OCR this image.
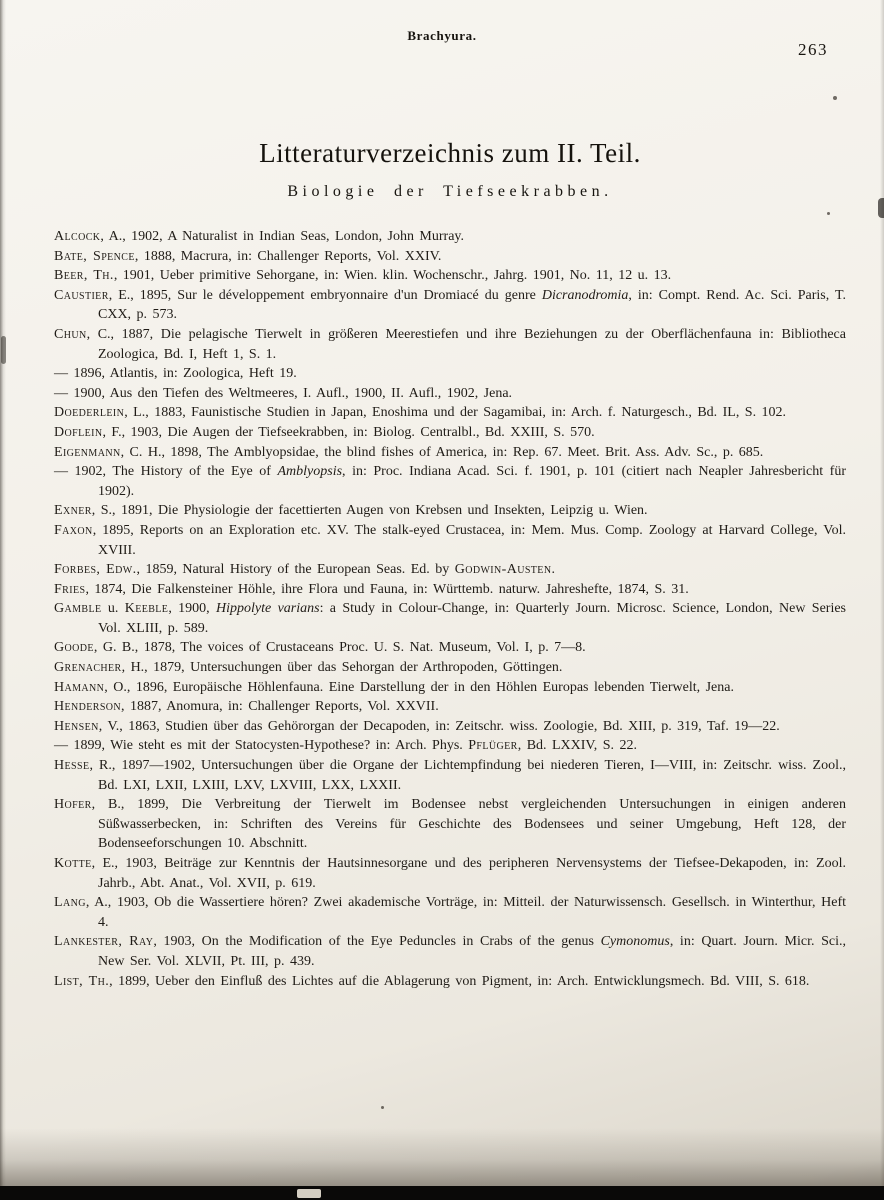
Brachyura.
263
Litteraturverzeichnis zum II. Teil.
Biologie der Tiefseekrabben.

Alcock, A., 1902, A Naturalist in Indian Seas, London, John Murray.

Bate, Spence, 1888, Macrura, in: Challenger Reports, Vol. XXIV.

Beer, Th., 1901, Ueber primitive Sehorgane, in: Wien. klin. Wochenschr., Jahrg. 1901, No. 11, 12 u. 13.

Caustier, E., 1895, Sur le développement embryonnaire d'un Dromiacé du genre Dicranodromia, in: Compt. Rend. Ac. Sci. Paris, T. CXX, p. 573.

Chun, C., 1887, Die pelagische Tierwelt in größeren Meerestiefen und ihre Beziehungen zu der Oberflächenfauna in: Bibliotheca Zoologica, Bd. I, Heft 1, S. 1.

— 1896, Atlantis, in: Zoologica, Heft 19.

— 1900, Aus den Tiefen des Weltmeeres, I. Aufl., 1900, II. Aufl., 1902, Jena.

Doederlein, L., 1883, Faunistische Studien in Japan, Enoshima und der Sagamibai, in: Arch. f. Naturgesch., Bd. IL, S. 102.

Doflein, F., 1903, Die Augen der Tiefseekrabben, in: Biolog. Centralbl., Bd. XXIII, S. 570.

Eigenmann, C. H., 1898, The Amblyopsidae, the blind fishes of America, in: Rep. 67. Meet. Brit. Ass. Adv. Sc., p. 685.

— 1902, The History of the Eye of Amblyopsis, in: Proc. Indiana Acad. Sci. f. 1901, p. 101 (citiert nach Neapler Jahresbericht für 1902).

Exner, S., 1891, Die Physiologie der facettierten Augen von Krebsen und Insekten, Leipzig u. Wien.

Faxon, 1895, Reports on an Exploration etc. XV. The stalk-eyed Crustacea, in: Mem. Mus. Comp. Zoology at Harvard College, Vol. XVIII.

Forbes, Edw., 1859, Natural History of the European Seas. Ed. by Godwin-Austen.

Fries, 1874, Die Falkensteiner Höhle, ihre Flora und Fauna, in: Württemb. naturw. Jahreshefte, 1874, S. 31.

Gamble u. Keeble, 1900, Hippolyte varians: a Study in Colour-Change, in: Quarterly Journ. Microsc. Science, London, New Series Vol. XLIII, p. 589.

Goode, G. B., 1878, The voices of Crustaceans Proc. U. S. Nat. Museum, Vol. I, p. 7—8.

Grenacher, H., 1879, Untersuchungen über das Sehorgan der Arthropoden, Göttingen.

Hamann, O., 1896, Europäische Höhlenfauna. Eine Darstellung der in den Höhlen Europas lebenden Tierwelt, Jena.

Henderson, 1887, Anomura, in: Challenger Reports, Vol. XXVII.

Hensen, V., 1863, Studien über das Gehörorgan der Decapoden, in: Zeitschr. wiss. Zoologie, Bd. XIII, p. 319, Taf. 19—22.

— 1899, Wie steht es mit der Statocysten-Hypothese? in: Arch. Phys. Pflüger, Bd. LXXIV, S. 22.

Hesse, R., 1897—1902, Untersuchungen über die Organe der Lichtempfindung bei niederen Tieren, I—VIII, in: Zeitschr. wiss. Zool., Bd. LXI, LXII, LXIII, LXV, LXVIII, LXX, LXXII.

Hofer, B., 1899, Die Verbreitung der Tierwelt im Bodensee nebst vergleichenden Untersuchungen in einigen anderen Süßwasserbecken, in: Schriften des Vereins für Geschichte des Bodensees und seiner Umgebung, Heft 128, der Bodenseeforschungen 10. Abschnitt.

Kotte, E., 1903, Beiträge zur Kenntnis der Hautsinnesorgane und des peripheren Nervensystems der Tiefsee-Dekapoden, in: Zool. Jahrb., Abt. Anat., Vol. XVII, p. 619.

Lang, A., 1903, Ob die Wassertiere hören? Zwei akademische Vorträge, in: Mitteil. der Naturwissensch. Gesellsch. in Winterthur, Heft 4.

Lankester, Ray, 1903, On the Modification of the Eye Peduncles in Crabs of the genus Cymonomus, in: Quart. Journ. Micr. Sci., New Ser. Vol. XLVII, Pt. III, p. 439.

List, Th., 1899, Ueber den Einfluß des Lichtes auf die Ablagerung von Pigment, in: Arch. Entwicklungsmech. Bd. VIII, S. 618.
